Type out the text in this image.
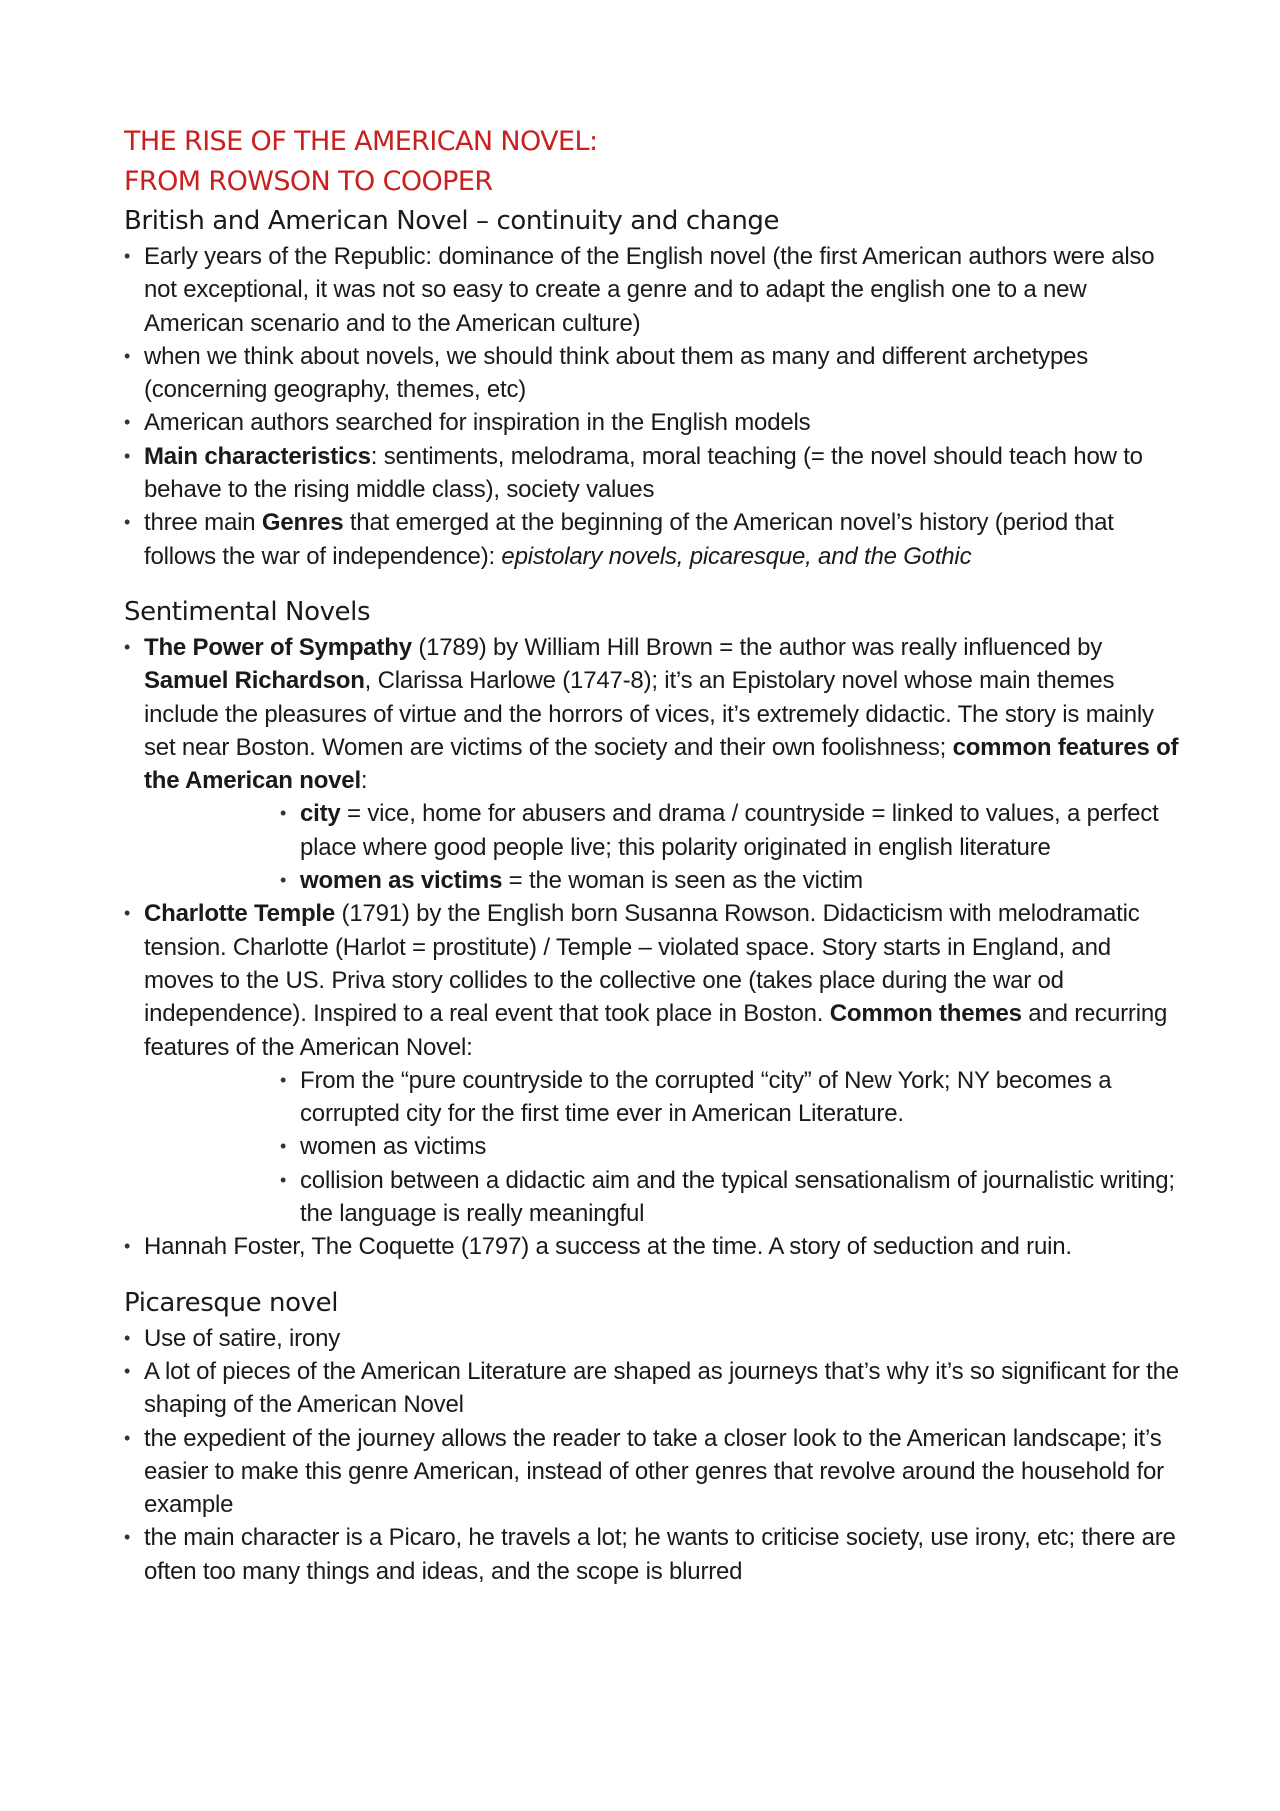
THE RISE OF THE AMERICAN NOVEL:
FROM ROWSON TO COOPER
British and American Novel – continuity and change
• Early years of the Republic: dominance of the English novel (the first American authors were also not exceptional, it was not so easy to create a genre and to adapt the english one to a new American scenario and to the American culture)
• when we think about novels, we should think about them as many and different archetypes (concerning geography, themes, etc)
• American authors searched for inspiration in the English models
• Main characteristics: sentiments, melodrama, moral teaching (= the novel should teach how to behave to the rising middle class), society values
• three main Genres that emerged at the beginning of the American novel’s history (period that follows the war of independence): epistolary novels, picaresque, and the Gothic
Sentimental Novels
• The Power of Sympathy (1789) by William Hill Brown = the author was really influenced by Samuel Richardson, Clarissa Harlowe (1747-8); it’s an Epistolary novel whose main themes include the pleasures of virtue and the horrors of vices, it’s extremely didactic. The story is mainly set near Boston. Women are victims of the society and their own foolishness; common features of the American novel:
• city = vice, home for abusers and drama / countryside = linked to values, a perfect place where good people live; this polarity originated in english literature
• women as victims = the woman is seen as the victim
• Charlotte Temple (1791) by the English born Susanna Rowson. Didacticism with melodramatic tension. Charlotte (Harlot = prostitute) / Temple – violated space. Story starts in England, and moves to the US. Priva story collides to the collective one (takes place during the war od independence). Inspired to a real event that took place in Boston. Common themes and recurring features of the American Novel:
• From the “pure countryside to the corrupted “city” of New York; NY becomes a corrupted city for the first time ever in American Literature.
• women as victims
• collision between a didactic aim and the typical sensationalism of journalistic writing; the language is really meaningful
• Hannah Foster, The Coquette (1797) a success at the time. A story of seduction and ruin.
Picaresque novel
• Use of satire, irony
• A lot of pieces of the American Literature are shaped as journeys that’s why it’s so significant for the shaping of the American Novel
• the expedient of the journey allows the reader to take a closer look to the American landscape; it’s easier to make this genre American, instead of other genres that revolve around the household for example
• the main character is a Picaro, he travels a lot; he wants to criticise society, use irony, etc; there are often too many things and ideas, and the scope is blurred
